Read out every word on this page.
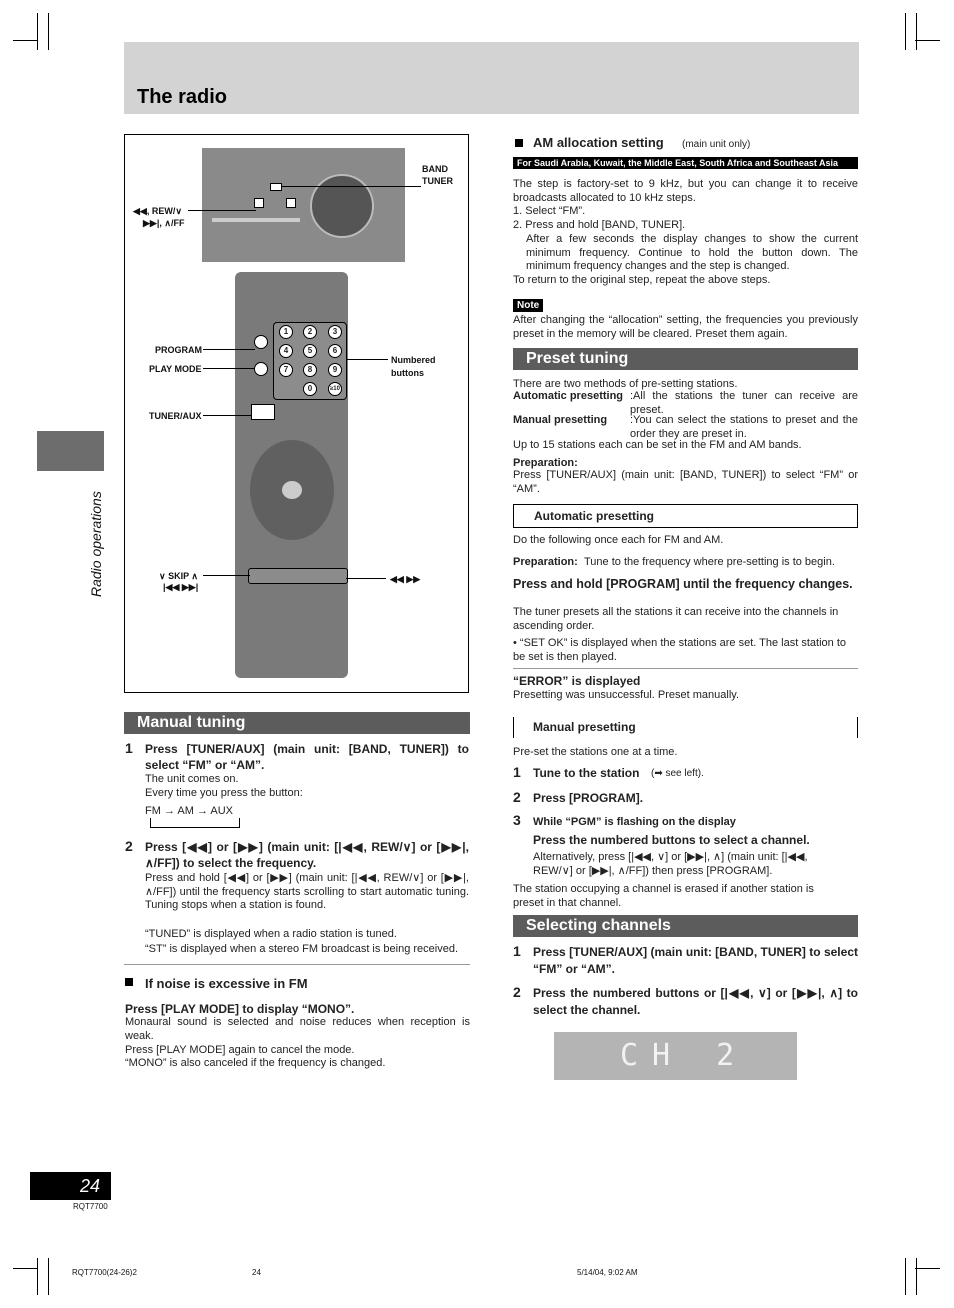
The radio
Radio operations
1	2	3
4	5	6
7	8	9
0	≥10
BAND
TUNER
◀◀, REW/∨
▶▶|, ∧/FF
PROGRAM
PLAY MODE
TUNER/AUX
Numbered
buttons
∨ SKIP ∧
|◀◀ ▶▶|
◀◀ ▶▶
Manual tuning
1 Press [TUNER/AUX] (main unit: [BAND, TUNER]) to select “FM” or “AM”.
The unit comes on.
Every time you press the button:
FM → AM → AUX
2 Press [◀◀] or [▶▶] (main unit: [|◀◀, REW/∨] or [▶▶|, ∧/FF]) to select the frequency.
Press and hold [◀◀] or [▶▶] (main unit: [|◀◀, REW/∨] or [▶▶|, ∧/FF]) until the frequency starts scrolling to start automatic tuning. Tuning stops when a station is found.
“TUNED” is displayed when a radio station is tuned.
“ST” is displayed when a stereo FM broadcast is being received.
If noise is excessive in FM
Press [PLAY MODE] to display “MONO”.
Monaural sound is selected and noise reduces when reception is weak.
Press [PLAY MODE] again to cancel the mode.
“MONO” is also canceled if the frequency is changed.
AM allocation setting (main unit only)
For Saudi Arabia, Kuwait, the Middle East, South Africa and Southeast Asia
The step is factory-set to 9 kHz, but you can change it to receive broadcasts allocated to 10 kHz steps.
1. Select “FM”.
2. Press and hold [BAND, TUNER].
After a few seconds the display changes to show the current minimum frequency. Continue to hold the button down. The minimum frequency changes and the step is changed.
To return to the original step, repeat the above steps.
Note
After changing the “allocation” setting, the frequencies you previously preset in the memory will be cleared. Preset them again.
Preset tuning
There are two methods of pre-setting stations.
Automatic presetting :All the stations the tuner can receive are preset.
Manual presetting :You can select the stations to preset and the order they are preset in.
Up to 15 stations each can be set in the FM and AM bands.
Preparation:
Press [TUNER/AUX] (main unit: [BAND, TUNER]) to select “FM” or “AM”.
Automatic presetting
Do the following once each for FM and AM.
Preparation: Tune to the frequency where pre-setting is to begin.
Press and hold [PROGRAM] until the frequency changes.
The tuner presets all the stations it can receive into the channels in ascending order.
• “SET OK” is displayed when the stations are set. The last station to be set is then played.
“ERROR” is displayed
Presetting was unsuccessful. Preset manually.
Manual presetting
Pre-set the stations one at a time.
1 Tune to the station (➡ see left).
2 Press [PROGRAM].
3 While “PGM” is flashing on the display
Press the numbered buttons to select a channel.
Alternatively, press [|◀◀, ∨] or [▶▶|, ∧] (main unit: [|◀◀, REW/∨] or [▶▶|, ∧/FF]) then press [PROGRAM].
The station occupying a channel is erased if another station is preset in that channel.
Selecting channels
1 Press [TUNER/AUX] (main unit: [BAND, TUNER] to select “FM” or “AM”.
2 Press the numbered buttons or [|◀◀, ∨] or [▶▶|, ∧] to select the channel.
CH 2
24
RQT7700
RQT7700(24-26)2	24	5/14/04, 9:02 AM
